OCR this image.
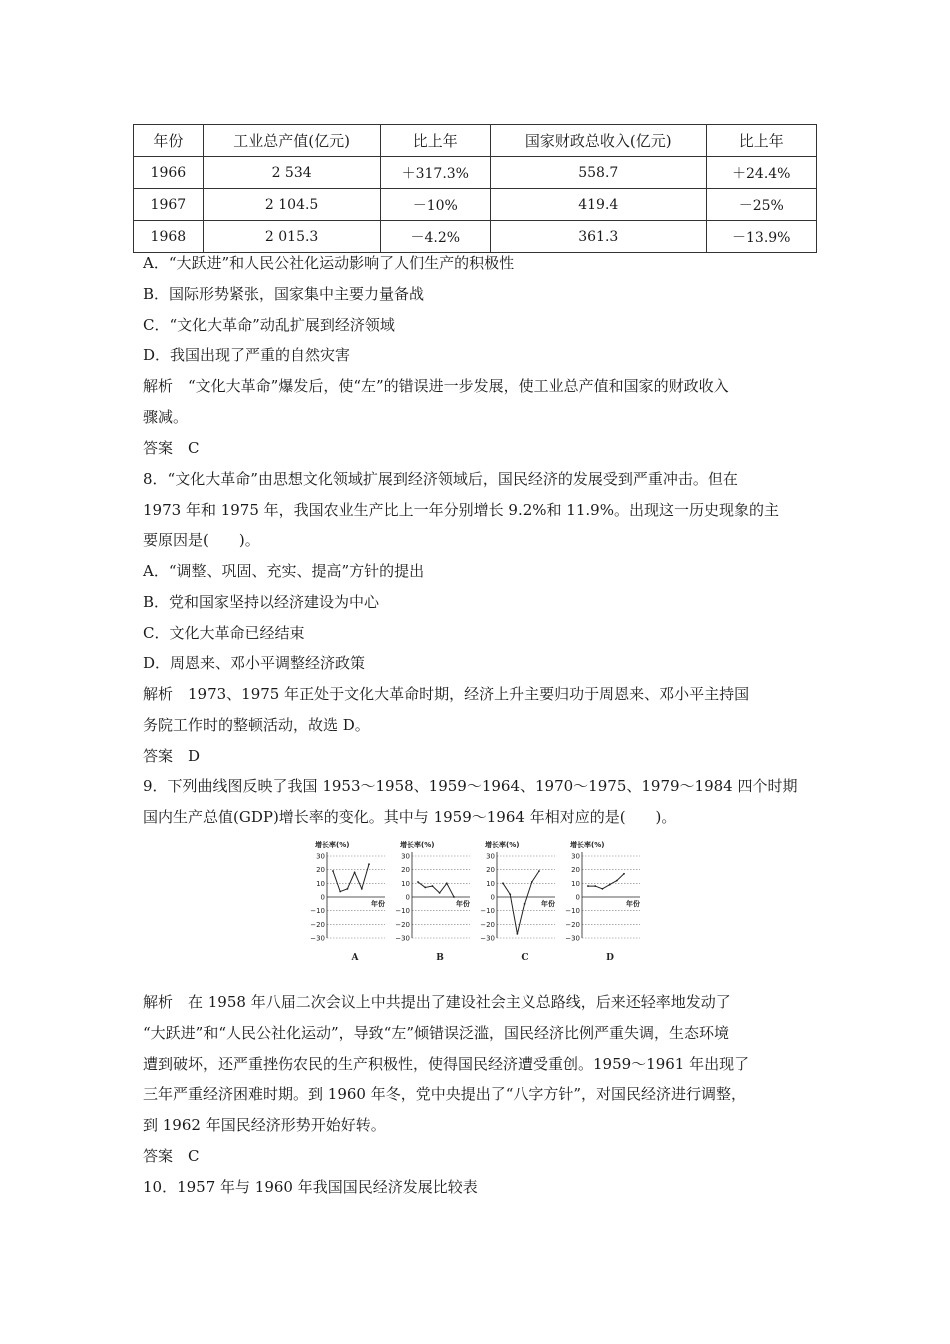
年份	工业总产值(亿元)	比上年	国家财政总收入(亿元)	比上年
1966	2 534	＋317.3%	558.7	＋24.4%
1967	2 104.5	－10%	419.4	－25%
1968	2 015.3	－4.2%	361.3	－13.9%
A．“大跃进”和人民公社化运动影响了人们生产的积极性
B．国际形势紧张，国家集中主要力量备战
C．“文化大革命”动乱扩展到经济领域
D．我国出现了严重的自然灾害
解析　“文化大革命”爆发后，使“左”的错误进一步发展，使工业总产值和国家的财政收入
骤减。
答案　C
8．“文化大革命”由思想文化领域扩展到经济领域后，国民经济的发展受到严重冲击。但在
1973 年和 1975 年，我国农业生产比上一年分别增长 9.2%和 11.9%。出现这一历史现象的主
要原因是(　　)。
A．“调整、巩固、充实、提高”方针的提出
B．党和国家坚持以经济建设为中心
C．文化大革命已经结束
D．周恩来、邓小平调整经济政策
解析　1973、1975 年正处于文化大革命时期，经济上升主要归功于周恩来、邓小平主持国
务院工作时的整顿活动，故选 D。
答案　D
9．下列曲线图反映了我国 1953～1958、1959～1964、1970～1975、1979～1984 四个时期
国内生产总值(GDP)增长率的变化。其中与 1959～1964 年相对应的是(　　)。
增长率(%)
30
20
10
0
−10
−20
−30
年份
A
增长率(%)
30
20
10
0
−10
−20
−30
年份
B
增长率(%)
30
20
10
0
−10
−20
−30
年份
C
增长率(%)
30
20
10
0
−10
−20
−30
年份
D
解析　在 1958 年八届二次会议上中共提出了建设社会主义总路线，后来还轻率地发动了
“大跃进”和“人民公社化运动”，导致“左”倾错误泛滥，国民经济比例严重失调，生态环境
遭到破坏，还严重挫伤农民的生产积极性，使得国民经济遭受重创。1959～1961 年出现了
三年严重经济困难时期。到 1960 年冬，党中央提出了“八字方针”，对国民经济进行调整，
到 1962 年国民经济形势开始好转。
答案　C
10．1957 年与 1960 年我国国民经济发展比较表
